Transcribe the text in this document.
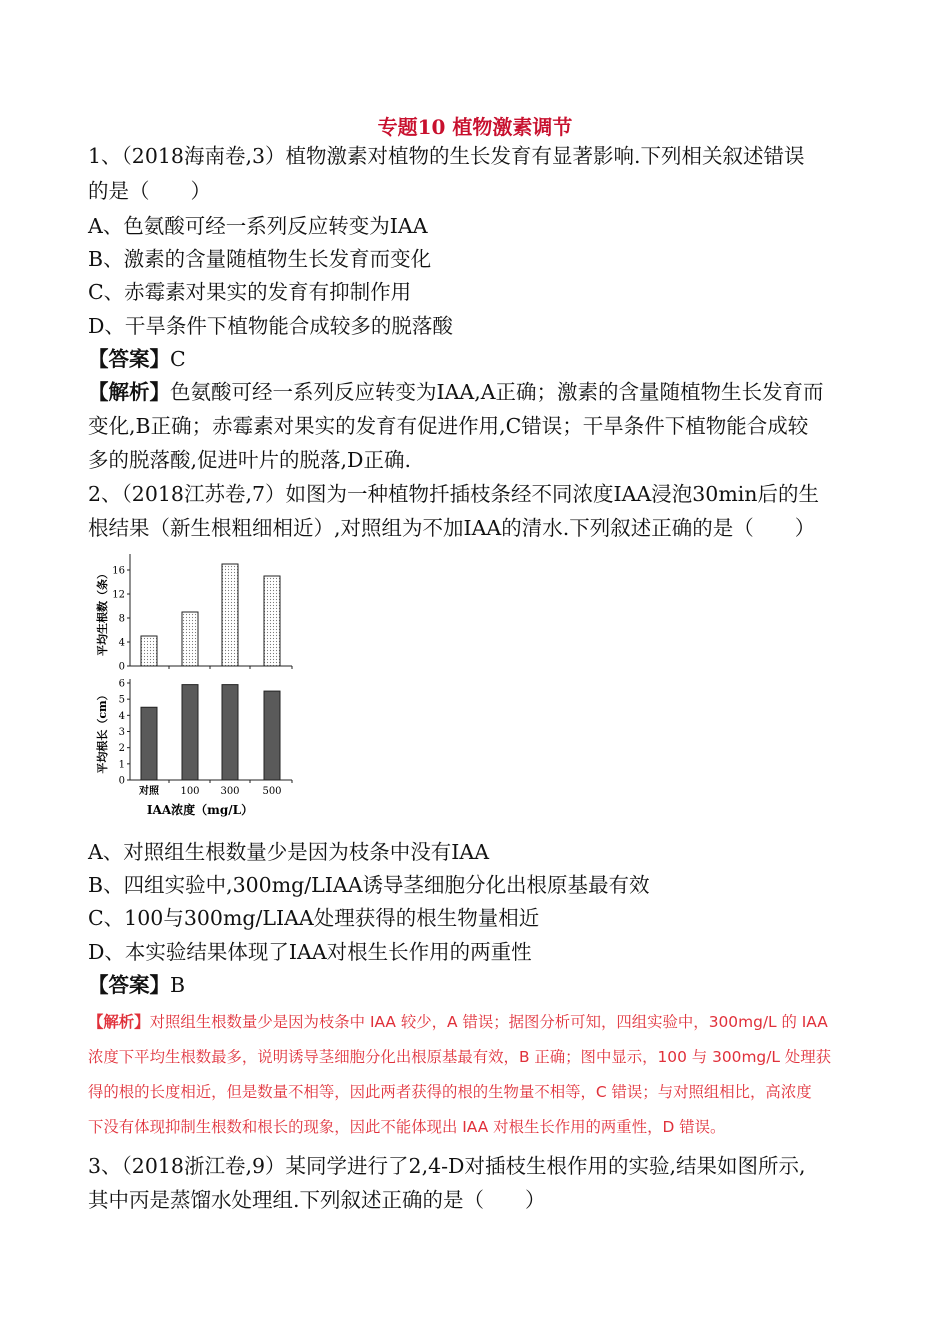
专题10 植物激素调节
1、（2018海南卷,3）植物激素对植物的生长发育有显著影响.下列相关叙述错误
的是（　　）
A、色氨酸可经一系列反应转变为IAA
B、激素的含量随植物生长发育而变化
C、赤霉素对果实的发育有抑制作用
D、干旱条件下植物能合成较多的脱落酸
【答案】C
【解析】色氨酸可经一系列反应转变为IAA,A正确；激素的含量随植物生长发育而
变化,B正确；赤霉素对果实的发育有促进作用,C错误；干旱条件下植物能合成较
多的脱落酸,促进叶片的脱落,D正确.
2、（2018江苏卷,7）如图为一种植物扦插枝条经不同浓度IAA浸泡30min后的生
根结果（新生根粗细相近）,对照组为不加IAA的清水.下列叙述正确的是（　　）
0
4
8
12
16
平均生根数（条）
0
1
2
3
4
5
6
平均根长（cm）
对照 100 300 500
IAA浓度（mg/L）
A、对照组生根数量少是因为枝条中没有IAA
B、四组实验中,300mg/LIAA诱导茎细胞分化出根原基最有效
C、100与300mg/LIAA处理获得的根生物量相近
D、本实验结果体现了IAA对根生长作用的两重性
【答案】B
【解析】对照组生根数量少是因为枝条中 IAA 较少，A 错误；据图分析可知，四组实验中，300mg/L 的 IAA
浓度下平均生根数最多，说明诱导茎细胞分化出根原基最有效，B 正确；图中显示，100 与 300mg/L 处理获
得的根的长度相近，但是数量不相等，因此两者获得的根的生物量不相等，C 错误；与对照组相比，高浓度
下没有体现抑制生根数和根长的现象，因此不能体现出 IAA 对根生长作用的两重性，D 错误。
3、（2018浙江卷,9）某同学进行了2,4-D对插枝生根作用的实验,结果如图所示,
其中丙是蒸馏水处理组.下列叙述正确的是（　　）
